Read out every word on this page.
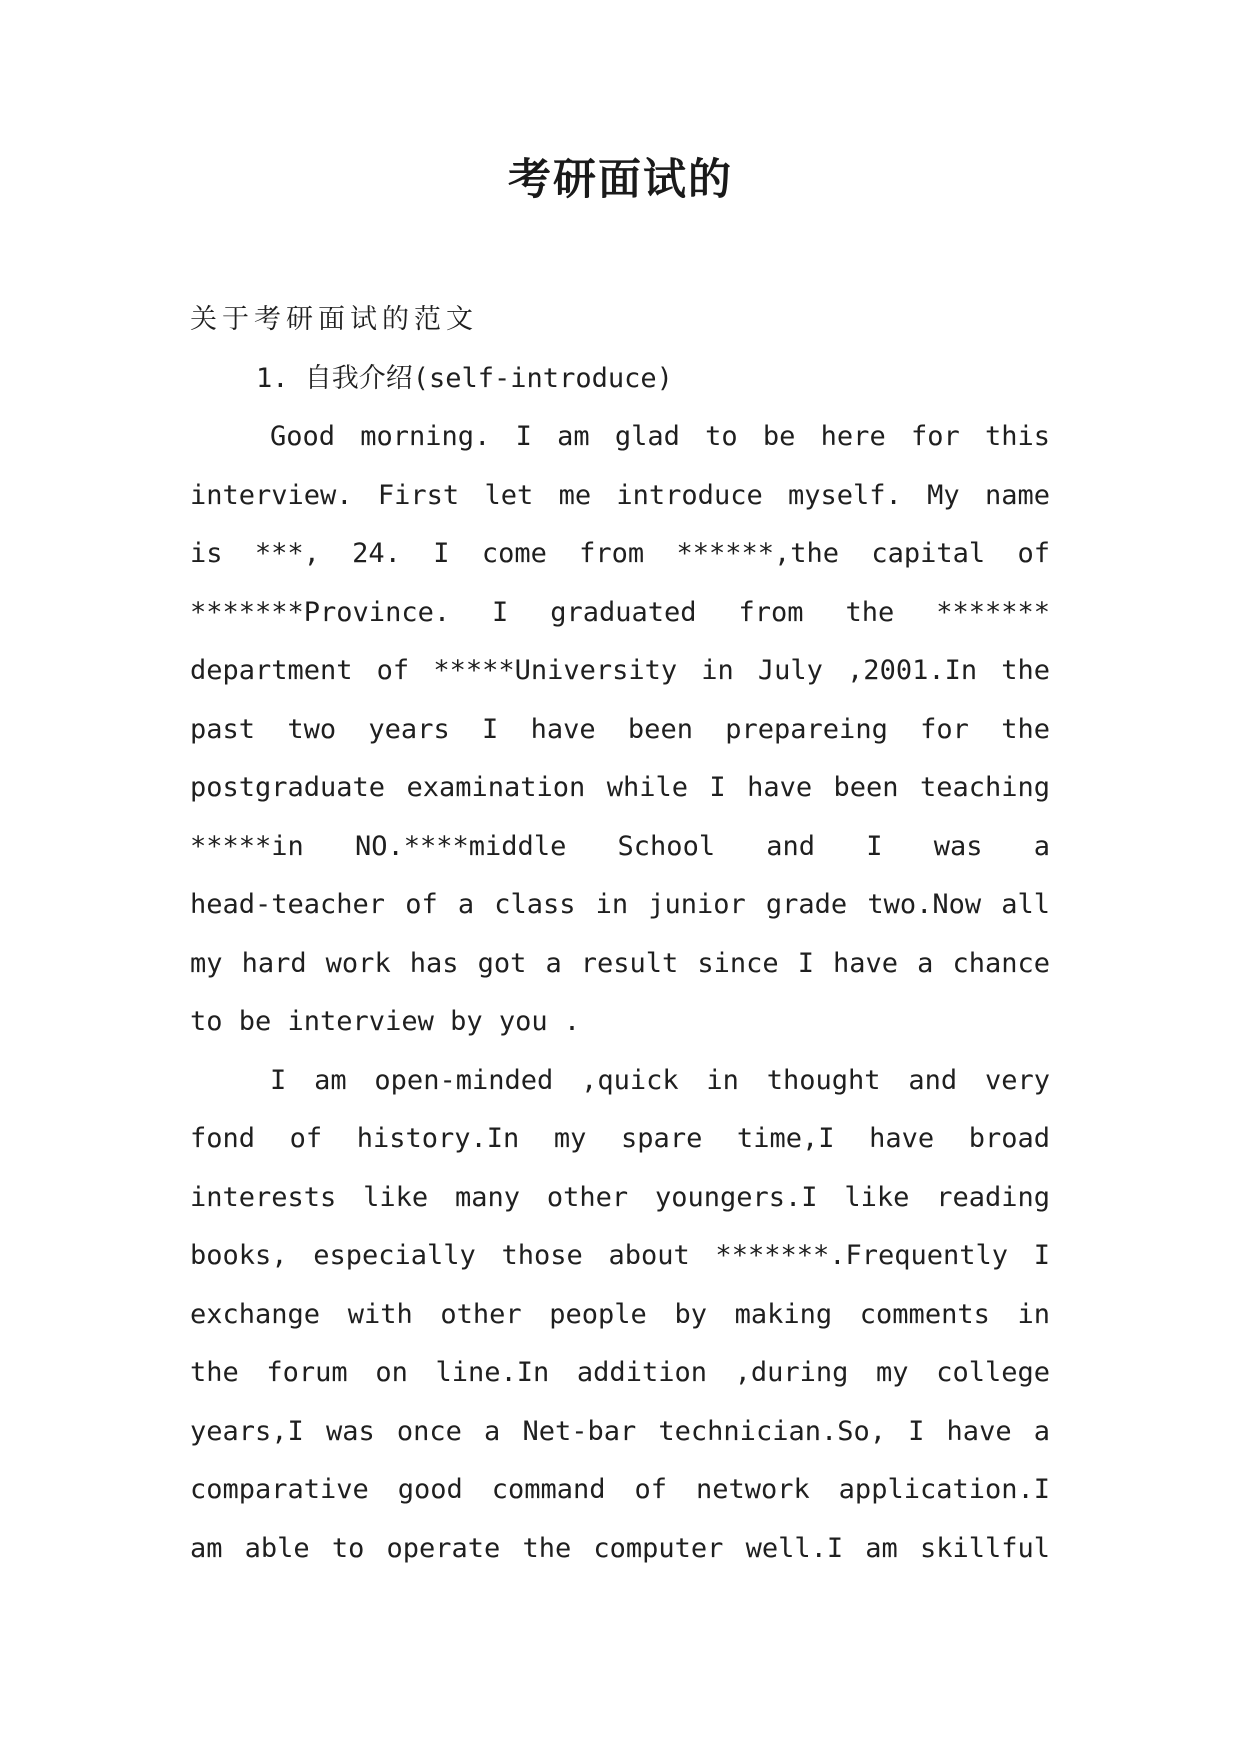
考研面试的
关于考研面试的范文
1. 自我介绍(self-introduce)
Good morning. I am glad to be here for this
interview. First let me introduce myself. My name
is ***, 24. I come from ******,the capital of
*******Province. I graduated from the *******
department of *****University in July ,2001.In the
past two years I have been prepareing for the
postgraduate examination while I have been teaching
*****in NO.****middle School and I was a
head-teacher of a class in junior grade two.Now all
my hard work has got a result since I have a chance
to be interview by you .
I am open-minded ,quick in thought and very
fond of history.In my spare time,I have broad
interests like many other youngers.I like reading
books, especially those about *******.Frequently I
exchange with other people by making comments in
the forum on line.In addition ,during my college
years,I was once a Net-bar technician.So, I have a
comparative good command of network application.I
am able to operate the computer well.I am skillful
